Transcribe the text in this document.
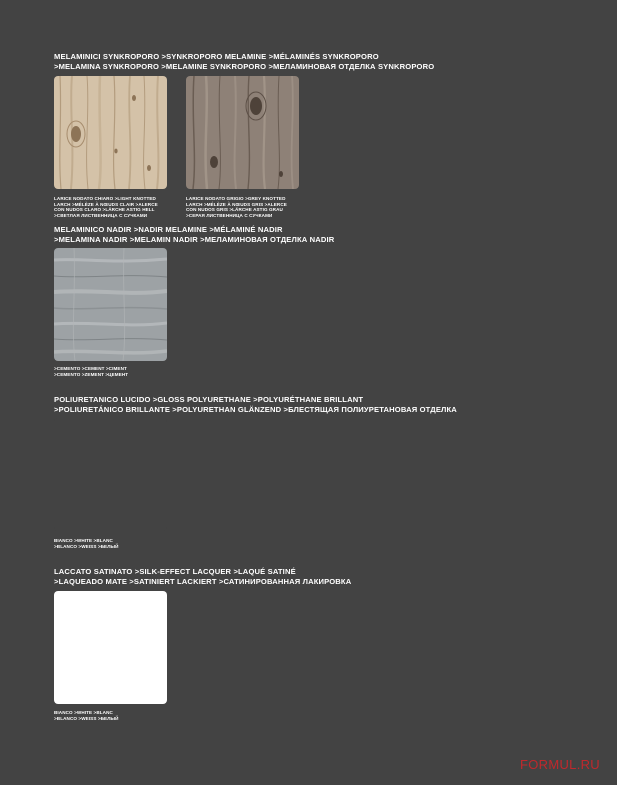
MELAMINICI SYNKROPORO >SYNKROPORO MELAMINE >MÉLAMINÉS SYNKROPORO
>MELAMINA SYNKROPORO >MELAMINE SYNKROPORO >МЕЛАМИНОВАЯ ОТДЕЛКА SYNKROPORO
LARICE NODATO CHIARO >LIGHT KNOTTED
LARCH >MÉLÈZE À NŒUDS CLAIR >ALERCE
CON NUDOS CLARO >LÄRCHE ASTIG HELL
>СВЕТЛАЯ ЛИСТВЕННИЦА С СУЧКАМИ
LARICE NODATO GRIGIO >GREY KNOTTED
LARCH >MÉLÈZE À NŒUDS GRIS >ALERCE
CON NUDOS GRIS >LÄRCHE ASTIG GRAU
>СЕРАЯ ЛИСТВЕННИЦА С СУЧКАМИ
MELAMINICO NADIR >NADIR MELAMINE >MÉLAMINÉ NADIR
>MELAMINA NADIR >MELAMIN NADIR >МЕЛАМИНОВАЯ ОТДЕЛКА NADIR
>CEMENTO >CEMENT >CIMENT
>CEMENTO >ZEMENT >ЦЕМЕНТ
POLIURETANICO LUCIDO >GLOSS POLYURETHANE >POLYURÉTHANE BRILLANT
>POLIURETÁNICO BRILLANTE >POLYURETHAN GLÄNZEND >БЛЕСТЯЩАЯ ПОЛИУРЕТАНОВАЯ ОТДЕЛКА
BIANCO >WHITE >BLANC
>BLANCO >WEISS >БЕЛЫЙ
LACCATO SATINATO >SILK-EFFECT LACQUER >LAQUÉ SATINÉ
>LAQUEADO MATE >SATINIERT LACKIERT >САТИНИРОВАННАЯ ЛАКИРОВКА
BIANCO >WHITE >BLANC
>BLANCO >WEISS >БЕЛЫЙ
FORMUL.RU
